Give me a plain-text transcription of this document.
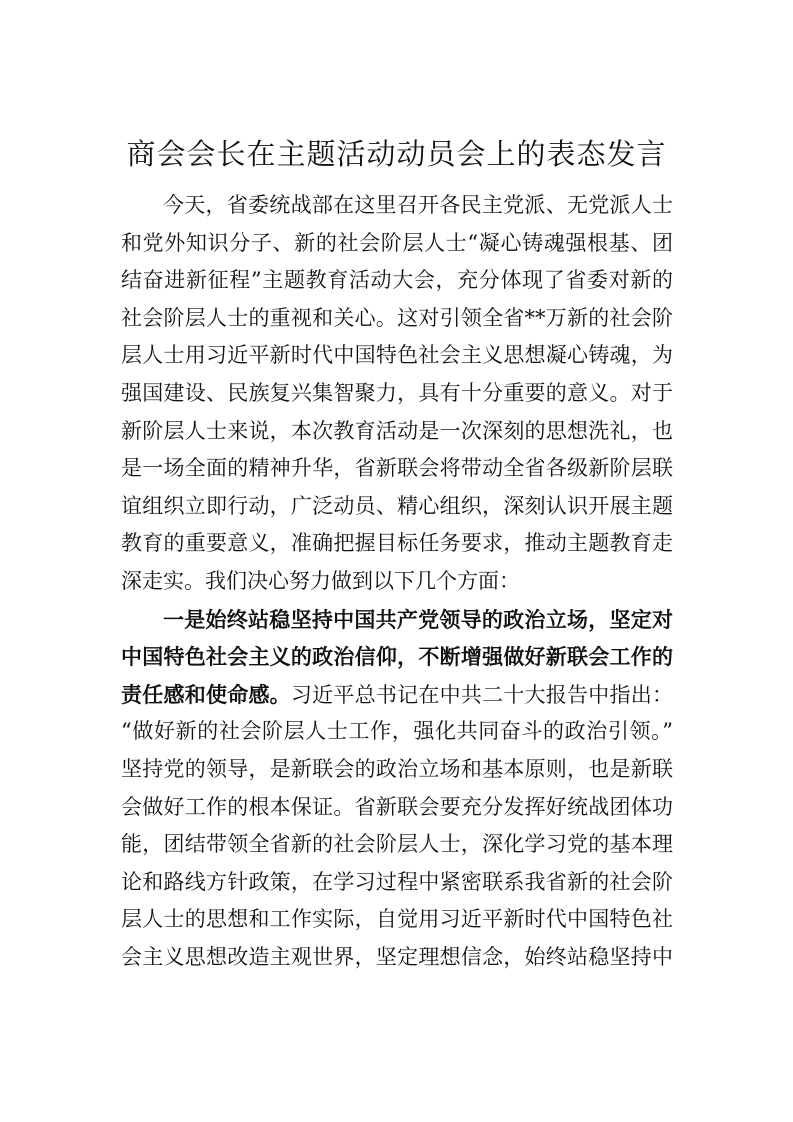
商会会长在主题活动动员会上的表态发言
今天，省委统战部在这里召开各民主党派、无党派人士
和党外知识分子、新的社会阶层人士“凝心铸魂强根基、团
结奋进新征程”主题教育活动大会，充分体现了省委对新的
社会阶层人士的重视和关心。这对引领全省**万新的社会阶
层人士用习近平新时代中国特色社会主义思想凝心铸魂，为
强国建设、民族复兴集智聚力，具有十分重要的意义。对于
新阶层人士来说，本次教育活动是一次深刻的思想洗礼，也
是一场全面的精神升华，省新联会将带动全省各级新阶层联
谊组织立即行动，广泛动员、精心组织，深刻认识开展主题
教育的重要意义，准确把握目标任务要求，推动主题教育走
深走实。我们决心努力做到以下几个方面：
一是始终站稳坚持中国共产党领导的政治立场，坚定对
中国特色社会主义的政治信仰，不断增强做好新联会工作的
责任感和使命感。习近平总书记在中共二十大报告中指出：
“做好新的社会阶层人士工作，强化共同奋斗的政治引领。”
坚持党的领导，是新联会的政治立场和基本原则，也是新联
会做好工作的根本保证。省新联会要充分发挥好统战团体功
能，团结带领全省新的社会阶层人士，深化学习党的基本理
论和路线方针政策，在学习过程中紧密联系我省新的社会阶
层人士的思想和工作实际，自觉用习近平新时代中国特色社
会主义思想改造主观世界，坚定理想信念，始终站稳坚持中
